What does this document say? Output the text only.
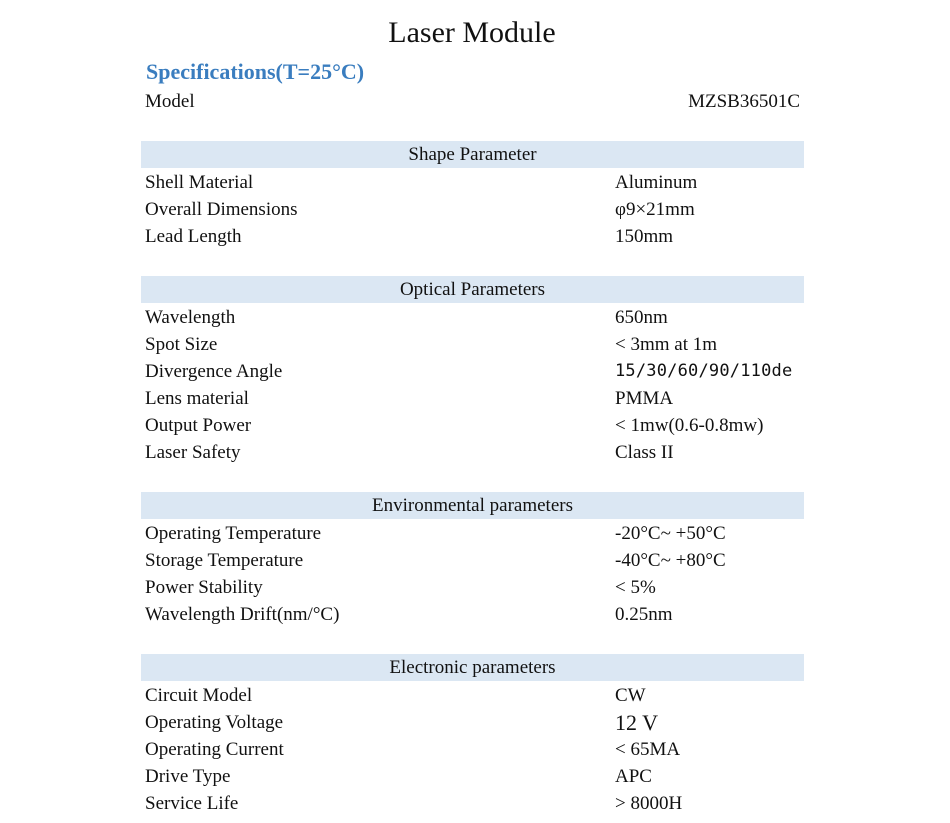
Laser Module
Specifications(T=25°C)
Model	MZSB36501C
Shape Parameter
Shell Material	Aluminum
Overall Dimensions	φ9×21mm
Lead Length	150mm
Optical Parameters
Wavelength	650nm
Spot Size	< 3mm at 1m
Divergence Angle	15/30/60/90/110de
Lens material	PMMA
Output Power	< 1mw(0.6-0.8mw)
Laser Safety	Class II
Environmental parameters
Operating Temperature	-20°C~ +50°C
Storage Temperature	-40°C~ +80°C
Power Stability	< 5%
Wavelength Drift(nm/°C)	0.25nm
Electronic parameters
Circuit Model	CW
Operating Voltage	12 V
Operating Current	< 65MA
Drive Type	APC
Service Life	> 8000H
